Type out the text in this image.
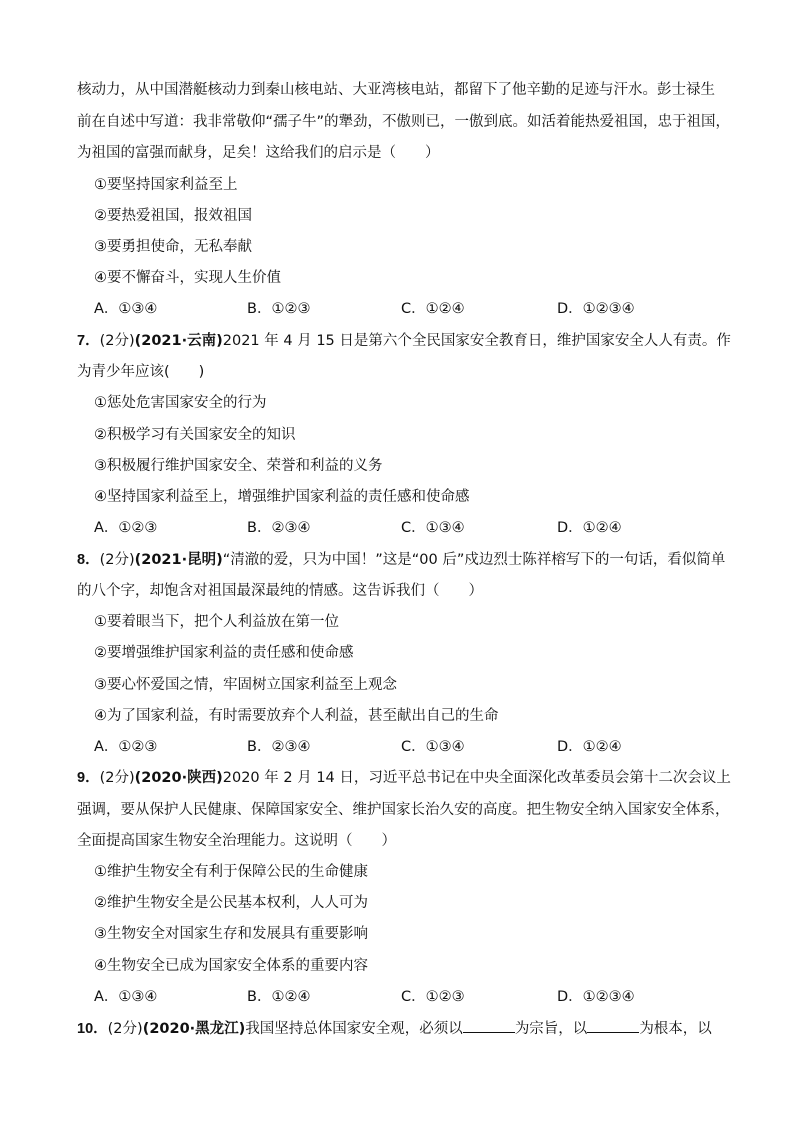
核动力，从中国潜艇核动力到秦山核电站、大亚湾核电站，都留下了他辛勤的足迹与汗水。彭士禄生
前在自述中写道：我非常敬仰“孺子牛”的犟劲，不傲则已，一傲到底。如活着能热爱祖国，忠于祖国，
为祖国的富强而献身，足矣！这给我们的启示是（　　）
①要坚持国家利益至上
②要热爱祖国，报效祖国
③要勇担使命，无私奉献
④要不懈奋斗，实现人生价值
A．①③④	B．①②③	C．①②④	D．①②③④
7．(2分)(2021·云南)2021 年 4 月 15 日是第六个全民国家安全教育日，维护国家安全人人有责。作
为青少年应该(　　)
①惩处危害国家安全的行为
②积极学习有关国家安全的知识
③积极履行维护国家安全、荣誉和利益的义务
④坚持国家利益至上，增强维护国家利益的责任感和使命感
A．①②③	B．②③④	C．①③④	D．①②④
8．(2分)(2021·昆明)“清澈的爱，只为中国！”这是“00 后”戍边烈士陈祥榕写下的一句话，看似简单
的八个字，却饱含对祖国最深最纯的情感。这告诉我们（　　）
①要着眼当下，把个人利益放在第一位
②要增强维护国家利益的责任感和使命感
③要心怀爱国之情，牢固树立国家利益至上观念
④为了国家利益，有时需要放弃个人利益，甚至献出自己的生命
A．①②③	B．②③④	C．①③④	D．①②④
9．(2分)(2020·陕西)2020 年 2 月 14 日，习近平总书记在中央全面深化改革委员会第十二次会议上
强调，要从保护人民健康、保障国家安全、维护国家长治久安的高度。把生物安全纳入国家安全体系，
全面提高国家生物安全治理能力。这说明（　　）
①维护生物安全有利于保障公民的生命健康
②维护生物安全是公民基本权利，人人可为
③生物安全对国家生存和发展具有重要影响
④生物安全已成为国家安全体系的重要内容
A．①③④	B．①②④	C．①②③	D．①②③④
10．(2分)(2020·黑龙江)我国坚持总体国家安全观，必须以	为宗旨，以	为根本，以
